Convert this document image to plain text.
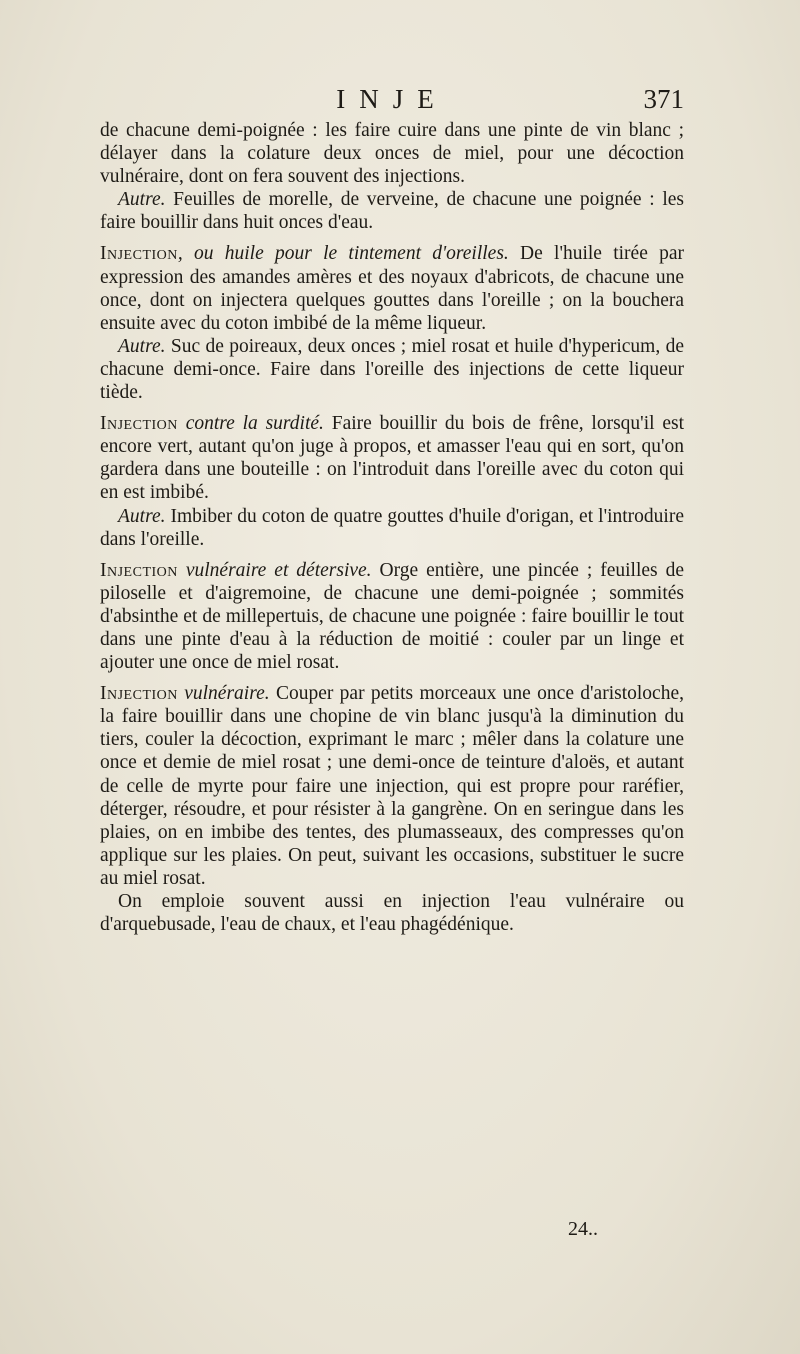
INJE	371

de chacune demi-poignée : les faire cuire dans une pinte de vin blanc ; délayer dans la colature deux onces de miel, pour une décoction vulnéraire, dont on fera souvent des injections.

Autre. Feuilles de morelle, de verveine, de chacune une poignée : les faire bouillir dans huit onces d'eau.

Injection, ou huile pour le tintement d'oreilles. De l'huile tirée par expression des amandes amères et des noyaux d'abricots, de chacune une once, dont on injectera quelques gouttes dans l'oreille ; on la bouchera ensuite avec du coton imbibé de la même liqueur.

Autre. Suc de poireaux, deux onces ; miel rosat et huile d'hypericum, de chacune demi-once. Faire dans l'oreille des injections de cette liqueur tiède.

Injection contre la surdité. Faire bouillir du bois de frêne, lorsqu'il est encore vert, autant qu'on juge à propos, et amasser l'eau qui en sort, qu'on gardera dans une bouteille : on l'introduit dans l'oreille avec du coton qui en est imbibé.

Autre. Imbiber du coton de quatre gouttes d'huile d'origan, et l'introduire dans l'oreille.

Injection vulnéraire et détersive. Orge entière, une pincée ; feuilles de piloselle et d'aigremoine, de chacune une demi-poignée ; sommités d'absinthe et de millepertuis, de chacune une poignée : faire bouillir le tout dans une pinte d'eau à la réduction de moitié : couler par un linge et ajouter une once de miel rosat.

Injection vulnéraire. Couper par petits morceaux une once d'aristoloche, la faire bouillir dans une chopine de vin blanc jusqu'à la diminution du tiers, couler la décoction, exprimant le marc ; mêler dans la colature une once et demie de miel rosat ; une demi-once de teinture d'aloës, et autant de celle de myrte pour faire une injection, qui est propre pour raréfier, déterger, résoudre, et pour résister à la gangrène. On en seringue dans les plaies, on en imbibe des tentes, des plumasseaux, des compresses qu'on applique sur les plaies. On peut, suivant les occasions, substituer le sucre au miel rosat.

On emploie souvent aussi en injection l'eau vulnéraire ou d'arquebusade, l'eau de chaux, et l'eau phagédénique.

24..
